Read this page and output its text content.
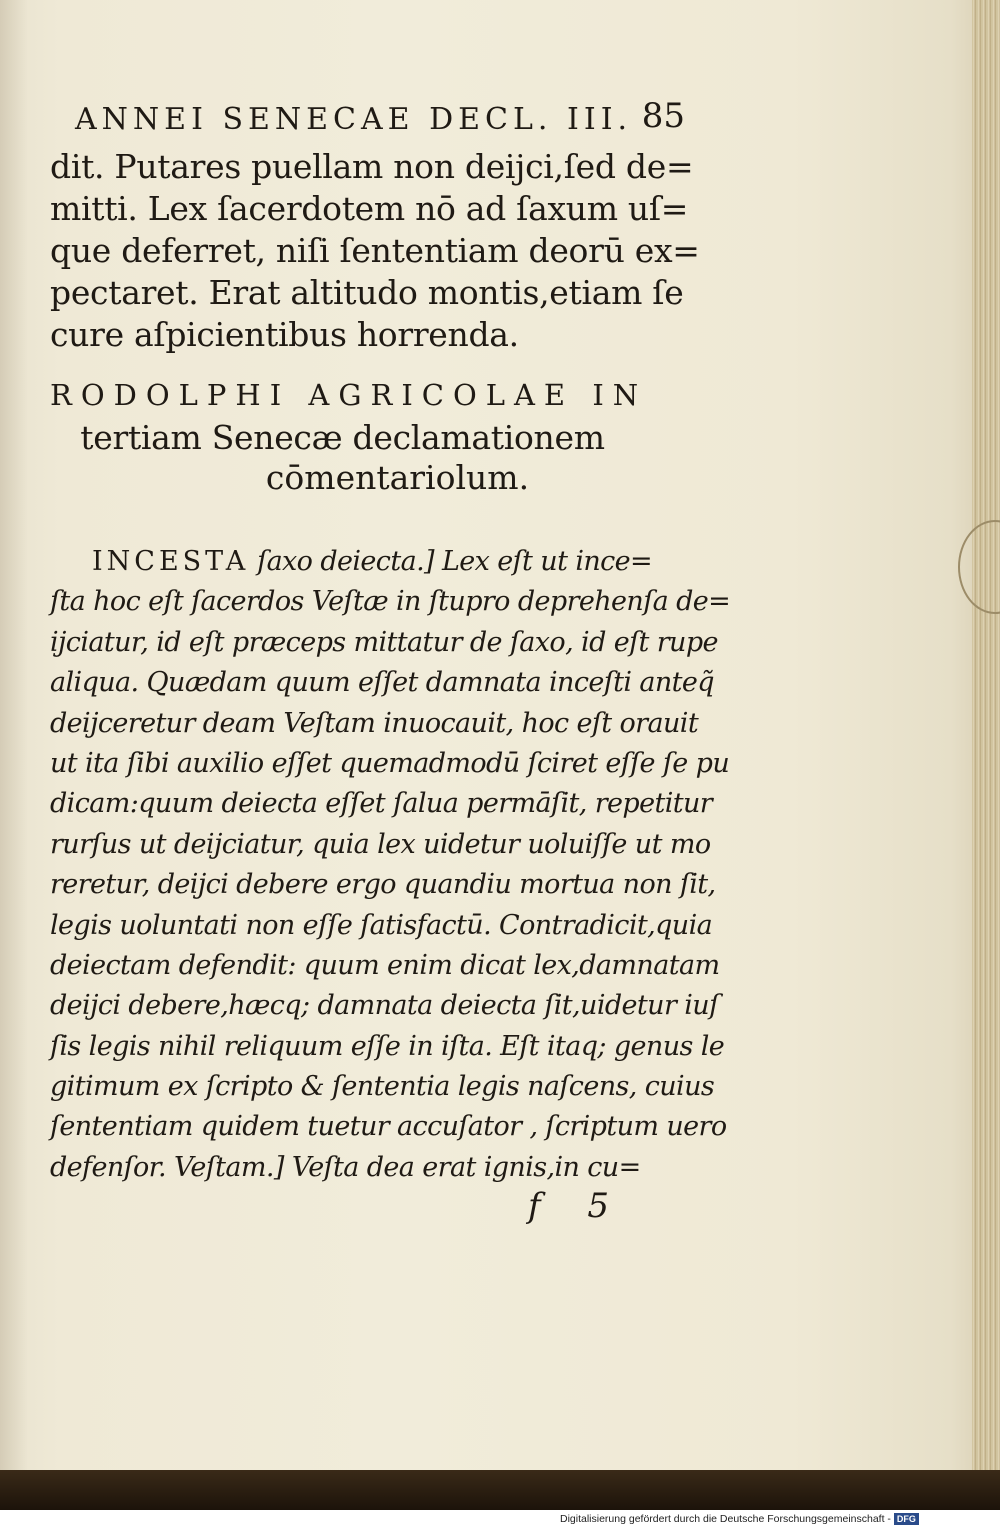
ANNEI SENECAE DECL. III. 85
dit. Putares puellam non deijci,ſed de=
mitti. Lex ſacerdotem nō ad ſaxum uſ=
que deferret, niſi ſententiam deorū ex=
pectaret. Erat altitudo montis,etiam ſe
cure aſpicientibus horrenda.
RODOLPHI AGRICOLAE IN
tertiam Senecæ declamationem
cōmentariolum.
INCESTA ſaxo deiecta.] Lex eſt ut ince=
ſta hoc eſt ſacerdos Veſtæ in ſtupro deprehenſa de=
ijciatur, id eſt præceps mittatur de ſaxo, id eſt rupe
aliqua. Quædam quum eſſet damnata inceſti anteq̃
deijceretur deam Veſtam inuocauit, hoc eſt orauit
ut ita ſibi auxilio eſſet quemadmodū ſciret eſſe ſe pu
dicam:quum deiecta eſſet ſalua permāſit, repetitur
rurſus ut deijciatur, quia lex uidetur uoluiſſe ut mo
reretur, deijci debere ergo quandiu mortua non ſit,
legis uoluntati non eſſe ſatisfactū. Contradicit,quia
deiectam defendit: quum enim dicat lex,damnatam
deijci debere,hæcq; damnata deiecta ſit,uidetur iuſ
ſis legis nihil reliquum eſſe in iſta. Eſt itaq; genus le
gitimum ex ſcripto & ſententia legis naſcens, cuius
ſententiam quidem tuetur accuſator , ſcriptum uero
defenſor. Veſtam.] Veſta dea erat ignis,in cu=
f 5
Digitalisierung gefördert durch die Deutsche Forschungsgemeinschaft - DFG
